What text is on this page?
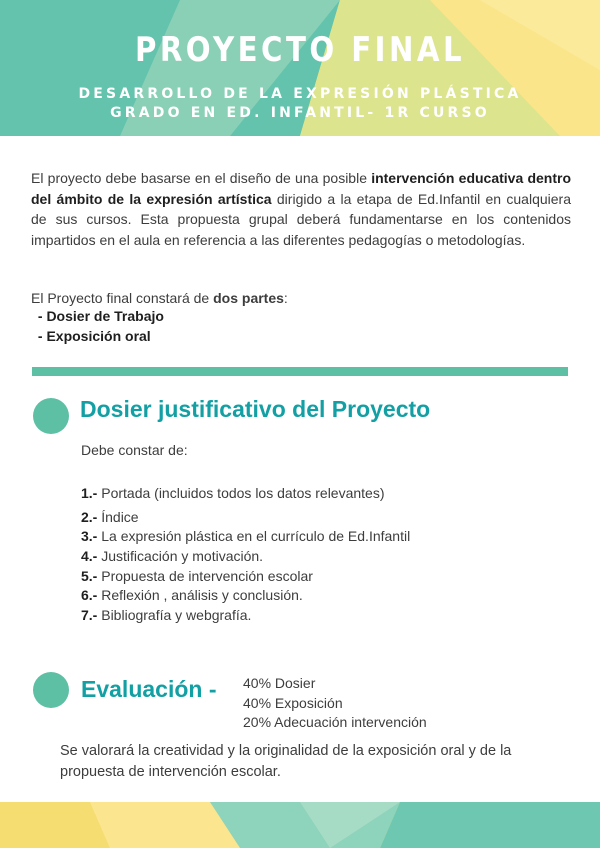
PROYECTO FINAL
DESARROLLO DE LA EXPRESIÓN PLÁSTICA
GRADO EN ED. INFANTIL- 1R CURSO

El proyecto debe basarse en el diseño de una posible intervención educativa dentro del ámbito de la expresión artística dirigido a la etapa de Ed.Infantil en cualquiera de sus cursos. Esta propuesta grupal deberá fundamentarse en los contenidos impartidos en el aula en referencia a las diferentes pedagogías o metodologías.

El Proyecto final constará de dos partes:
- Dosier de Trabajo
- Exposición oral
Dosier justificativo del Proyecto
Debe constar de:
1.- Portada (incluidos todos los datos relevantes)
2.- Índice
3.- La expresión plástica en el currículo de Ed.Infantil
4.- Justificación y motivación.
5.- Propuesta de intervención escolar
6.- Reflexión , análisis y conclusión.
7.- Bibliografía y webgrafía.
Evaluación - 40% Dosier
40% Exposición
20% Adecuación intervención

Se valorará la creatividad y la originalidad de la exposición oral y de la propuesta de intervención escolar.
